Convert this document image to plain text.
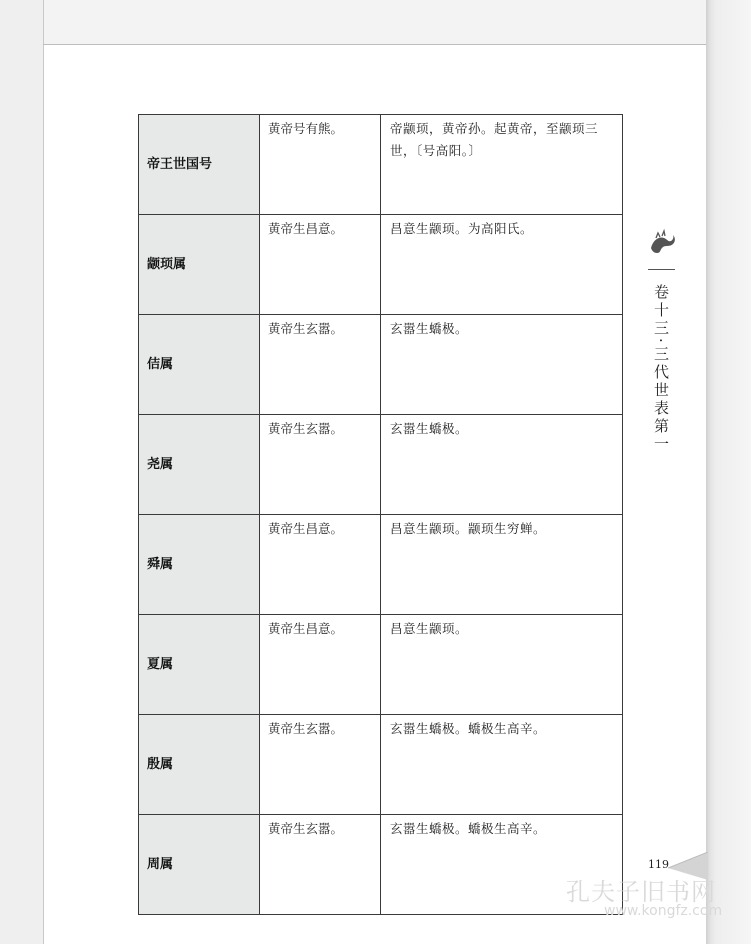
帝王世国号	黄帝号有熊。	帝颛顼，黄帝孙。起黄帝，至颛顼三世，〔号高阳。〕
颛顼属	黄帝生昌意。	昌意生颛顼。为高阳氏。
佶属	黄帝生玄嚣。	玄嚣生蟜极。
尧属	黄帝生玄嚣。	玄嚣生蟜极。
舜属	黄帝生昌意。	昌意生颛顼。颛顼生穷蝉。
夏属	黄帝生昌意。	昌意生颛顼。
殷属	黄帝生玄嚣。	玄嚣生蟜极。蟜极生高辛。
周属	黄帝生玄嚣。	玄嚣生蟜极。蟜极生高辛。
卷十三·三代世表第一
119
孔夫子旧书网
www.kongfz.com
